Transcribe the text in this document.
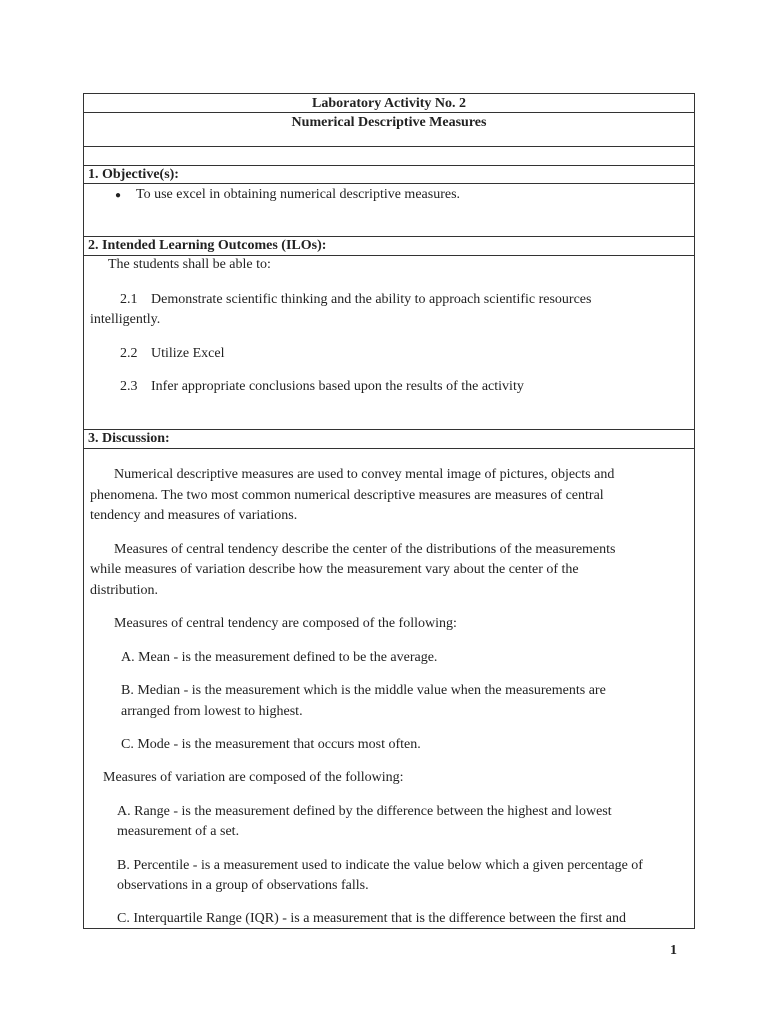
Laboratory Activity No. 2
Numerical Descriptive Measures
1. Objective(s):
● To use excel in obtaining numerical descriptive measures.
2. Intended Learning Outcomes (ILOs):
The students shall be able to:
2.1 Demonstrate scientific thinking and the ability to approach scientific resources
intelligently.
2.2 Utilize Excel
2.3 Infer appropriate conclusions based upon the results of the activity
3. Discussion:
Numerical descriptive measures are used to convey mental image of pictures, objects and
phenomena. The two most common numerical descriptive measures are measures of central
tendency and measures of variations.
Measures of central tendency describe the center of the distributions of the measurements
while measures of variation describe how the measurement vary about the center of the
distribution.
Measures of central tendency are composed of the following:
A. Mean - is the measurement defined to be the average.
B. Median - is the measurement which is the middle value when the measurements are
arranged from lowest to highest.
C. Mode - is the measurement that occurs most often.
Measures of variation are composed of the following:
A. Range - is the measurement defined by the difference between the highest and lowest
measurement of a set.
B. Percentile - is a measurement used to indicate the value below which a given percentage of
observations in a group of observations falls.
C. Interquartile Range (IQR) - is a measurement that is the difference between the first and
1
